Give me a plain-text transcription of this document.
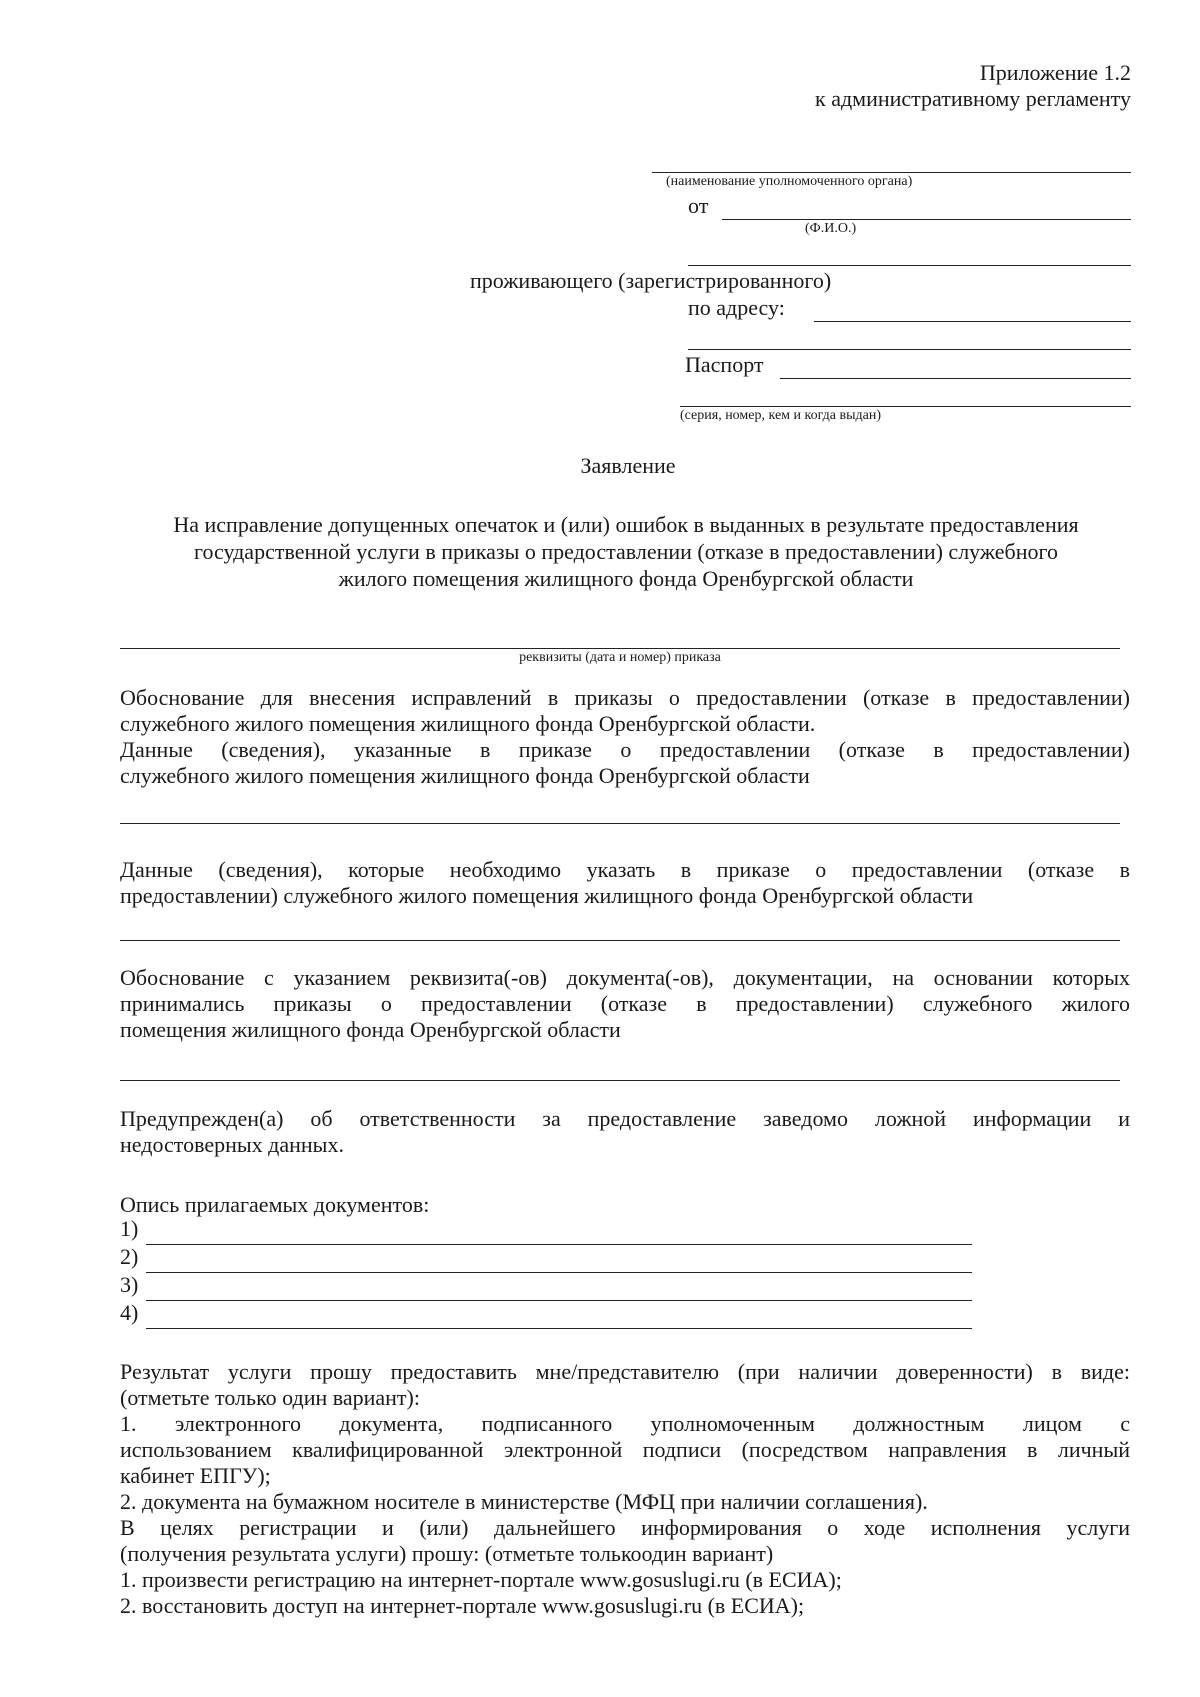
Приложение 1.2
к административному регламенту
(наименование уполномоченного органа)
от
(Ф.И.О.)
проживающего (зарегистрированного)
по адресу:
Паспорт
(серия, номер, кем и когда выдан)
Заявление
На исправление допущенных опечаток и (или) ошибок в выданных в результате предоставления
государственной услуги в приказы о предоставлении (отказе в предоставлении) служебного
жилого помещения жилищного фонда Оренбургской области
реквизиты (дата и номер) приказа
Обоснование для внесения исправлений в приказы о предоставлении (отказе в предоставлении)
служебного жилого помещения жилищного фонда Оренбургской области.
Данные (сведения), указанные в приказе о предоставлении (отказе в предоставлении)
служебного жилого помещения жилищного фонда Оренбургской области
Данные (сведения), которые необходимо указать в приказе о предоставлении (отказе в
предоставлении) служебного жилого помещения жилищного фонда Оренбургской области
Обоснование с указанием реквизита(-ов) документа(-ов), документации, на основании которых
принимались приказы о предоставлении (отказе в предоставлении) служебного жилого
помещения жилищного фонда Оренбургской области
Предупрежден(а) об ответственности за предоставление заведомо ложной информации и
недостоверных данных.
Опись прилагаемых документов:
1)
2)
3)
4)
Результат услуги прошу предоставить мне/представителю (при наличии доверенности) в виде:
(отметьте только один вариант):
1. электронного документа, подписанного уполномоченным должностным лицом с
использованием квалифицированной электронной подписи (посредством направления в личный
кабинет ЕПГУ);
2. документа на бумажном носителе в министерстве (МФЦ при наличии соглашения).
В целях регистрации и (или) дальнейшего информирования о ходе исполнения услуги
(получения результата услуги) прошу: (отметьте толькоодин вариант)
1. произвести регистрацию на интернет-портале www.gosuslugi.ru (в ЕСИА);
2. восстановить доступ на интернет-портале www.gosuslugi.ru (в ЕСИА);
